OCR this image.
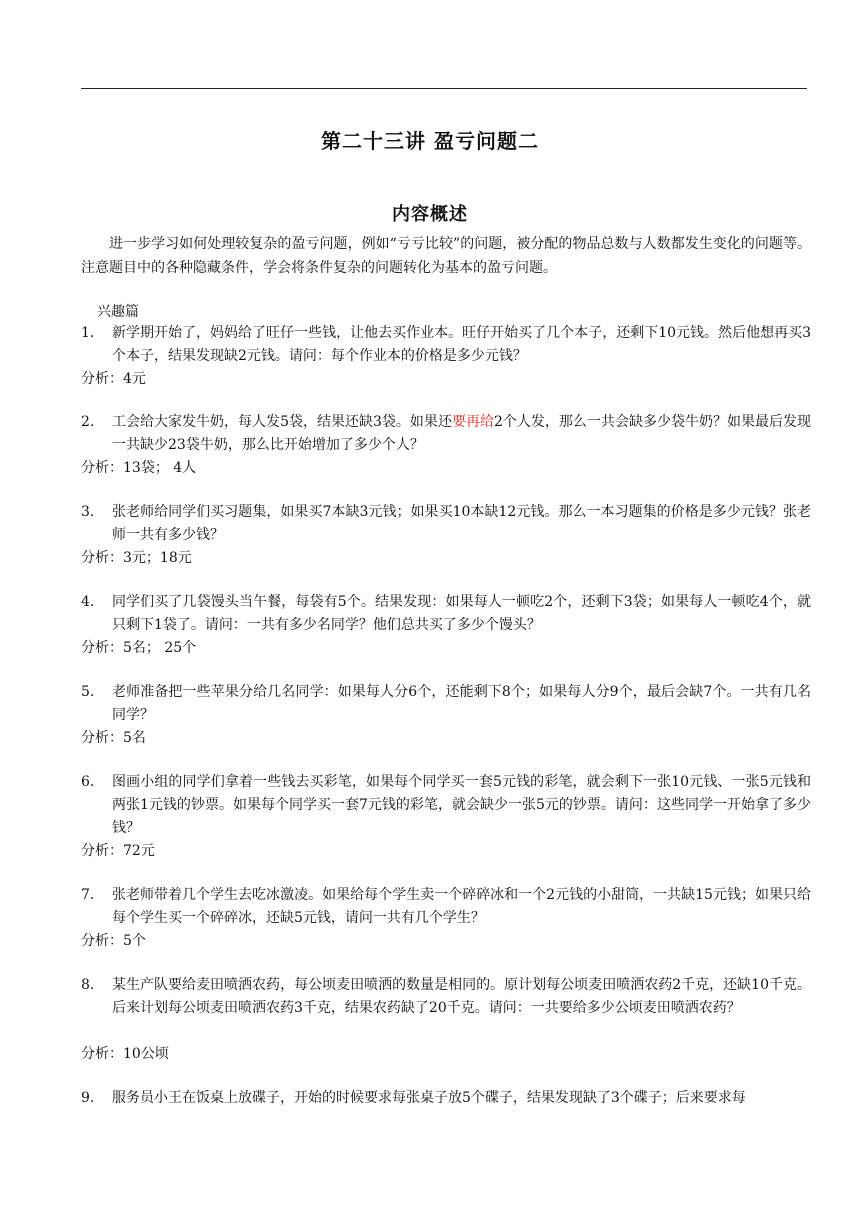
第二十三讲 盈亏问题二
内容概述
进一步学习如何处理较复杂的盈亏问题，例如“亏亏比较”的问题，被分配的物品总数与人数都发生变化的问题等。注意题目中的各种隐藏条件，学会将条件复杂的问题转化为基本的盈亏问题。
兴趣篇
1.	新学期开始了，妈妈给了旺仔一些钱，让他去买作业本。旺仔开始买了几个本子，还剩下10元钱。然后他想再买3个本子，结果发现缺2元钱。请问：每个作业本的价格是多少元钱？
分析：4元
2.	工会给大家发牛奶，每人发5袋，结果还缺3袋。如果还要再给2个人发，那么一共会缺多少袋牛奶？如果最后发现一共缺少23袋牛奶，那么比开始增加了多少个人？
分析：13袋； 4人
3.	张老师给同学们买习题集，如果买7本缺3元钱；如果买10本缺12元钱。那么一本习题集的价格是多少元钱？张老师一共有多少钱？
分析：3元；18元
4.	同学们买了几袋馒头当午餐，每袋有5个。结果发现：如果每人一顿吃2个，还剩下3袋；如果每人一顿吃4个，就只剩下1袋了。请问：一共有多少名同学？他们总共买了多少个馒头？
分析：5名； 25个
5.	老师准备把一些苹果分给几名同学：如果每人分6个，还能剩下8个；如果每人分9个，最后会缺7个。一共有几名同学？
分析：5名
6.	图画小组的同学们拿着一些钱去买彩笔，如果每个同学买一套5元钱的彩笔，就会剩下一张10元钱、一张5元钱和两张1元钱的钞票。如果每个同学买一套7元钱的彩笔，就会缺少一张5元的钞票。请问：这些同学一开始拿了多少钱？
分析：72元
7.	张老师带着几个学生去吃冰激凌。如果给每个学生卖一个碎碎冰和一个2元钱的小甜筒，一共缺15元钱；如果只给每个学生买一个碎碎冰，还缺5元钱，请问一共有几个学生？
分析：5个
8.	某生产队要给麦田喷洒农药，每公顷麦田喷洒的数量是相同的。原计划每公顷麦田喷洒农药2千克，还缺10千克。后来计划每公顷麦田喷洒农药3千克，结果农药缺了20千克。请问：一共要给多少公顷麦田喷洒农药？
分析：10公顷
9.	服务员小王在饭桌上放碟子，开始的时候要求每张桌子放5个碟子，结果发现缺了3个碟子；后来要求每
